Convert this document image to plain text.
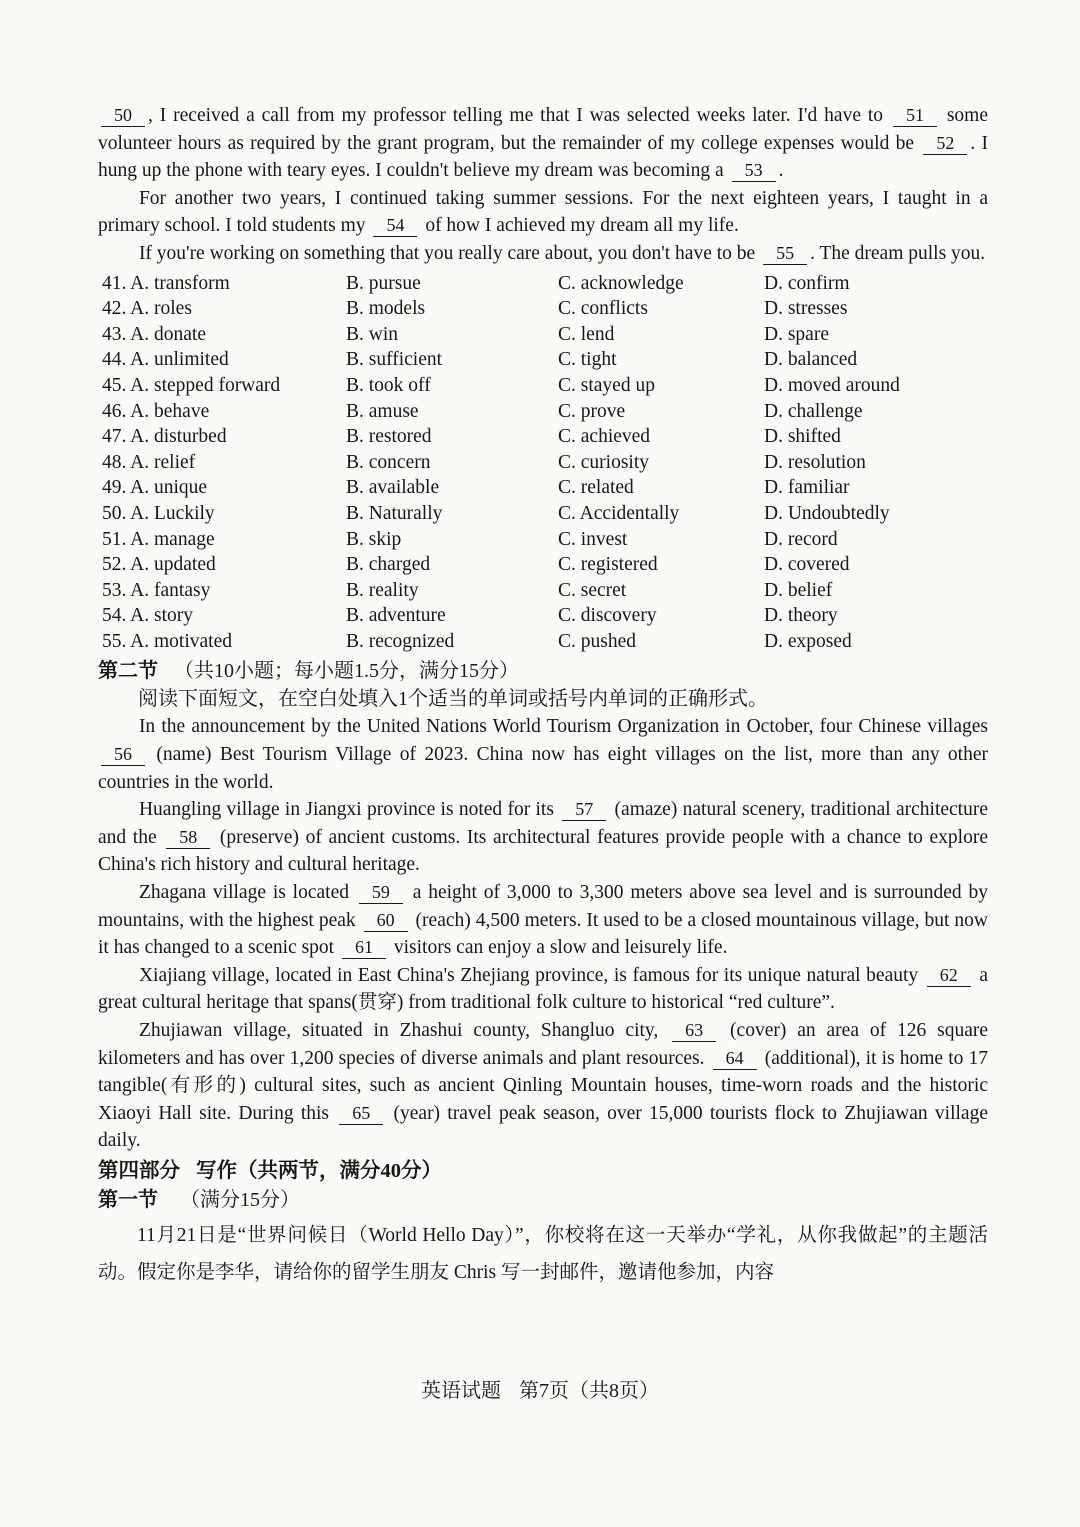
50 , I received a call from my professor telling me that I was selected weeks later. I'd have to 51 some volunteer hours as required by the grant program, but the remainder of my college expenses would be 52 . I hung up the phone with teary eyes. I couldn't believe my dream was becoming a 53 .

For another two years, I continued taking summer sessions. For the next eighteen years, I taught in a primary school. I told students my 54 of how I achieved my dream all my life.

If you're working on something that you really care about, you don't have to be 55 . The dream pulls you.

41. A. transform	B. pursue	C. acknowledge	D. confirm
42. A. roles	B. models	C. conflicts	D. stresses
43. A. donate	B. win	C. lend	D. spare
44. A. unlimited	B. sufficient	C. tight	D. balanced
45. A. stepped forward	B. took off	C. stayed up	D. moved around
46. A. behave	B. amuse	C. prove	D. challenge
47. A. disturbed	B. restored	C. achieved	D. shifted
48. A. relief	B. concern	C. curiosity	D. resolution
49. A. unique	B. available	C. related	D. familiar
50. A. Luckily	B. Naturally	C. Accidentally	D. Undoubtedly
51. A. manage	B. skip	C. invest	D. record
52. A. updated	B. charged	C. registered	D. covered
53. A. fantasy	B. reality	C. secret	D. belief
54. A. story	B. adventure	C. discovery	D. theory
55. A. motivated	B. recognized	C. pushed	D. exposed

第二节 （共10小题；每小题1.5分，满分15分）

阅读下面短文，在空白处填入1个适当的单词或括号内单词的正确形式。

In the announcement by the United Nations World Tourism Organization in October, four Chinese villages 56 (name) Best Tourism Village of 2023. China now has eight villages on the list, more than any other countries in the world.

Huangling village in Jiangxi province is noted for its 57 (amaze) natural scenery, traditional architecture and the 58 (preserve) of ancient customs. Its architectural features provide people with a chance to explore China's rich history and cultural heritage.

Zhagana village is located 59 a height of 3,000 to 3,300 meters above sea level and is surrounded by mountains, with the highest peak 60 (reach) 4,500 meters. It used to be a closed mountainous village, but now it has changed to a scenic spot 61 visitors can enjoy a slow and leisurely life.

Xiajiang village, located in East China's Zhejiang province, is famous for its unique natural beauty 62 a great cultural heritage that spans(贯穿) from traditional folk culture to historical “red culture”.

Zhujiawan village, situated in Zhashui county, Shangluo city, 63 (cover) an area of 126 square kilometers and has over 1,200 species of diverse animals and plant resources. 64 (additional), it is home to 17 tangible(有形的) cultural sites, such as ancient Qinling Mountain houses, time-worn roads and the historic Xiaoyi Hall site. During this 65 (year) travel peak season, over 15,000 tourists flock to Zhujiawan village daily.

第四部分 写作（共两节，满分40分）

第一节 （满分15分）

11月21日是“世界问候日（World Hello Day）”，你校将在这一天举办“学礼，从你我做起”的主题活动。假定你是李华，请给你的留学生朋友 Chris 写一封邮件，邀请他参加，内容

英语试题 第7页（共8页）
